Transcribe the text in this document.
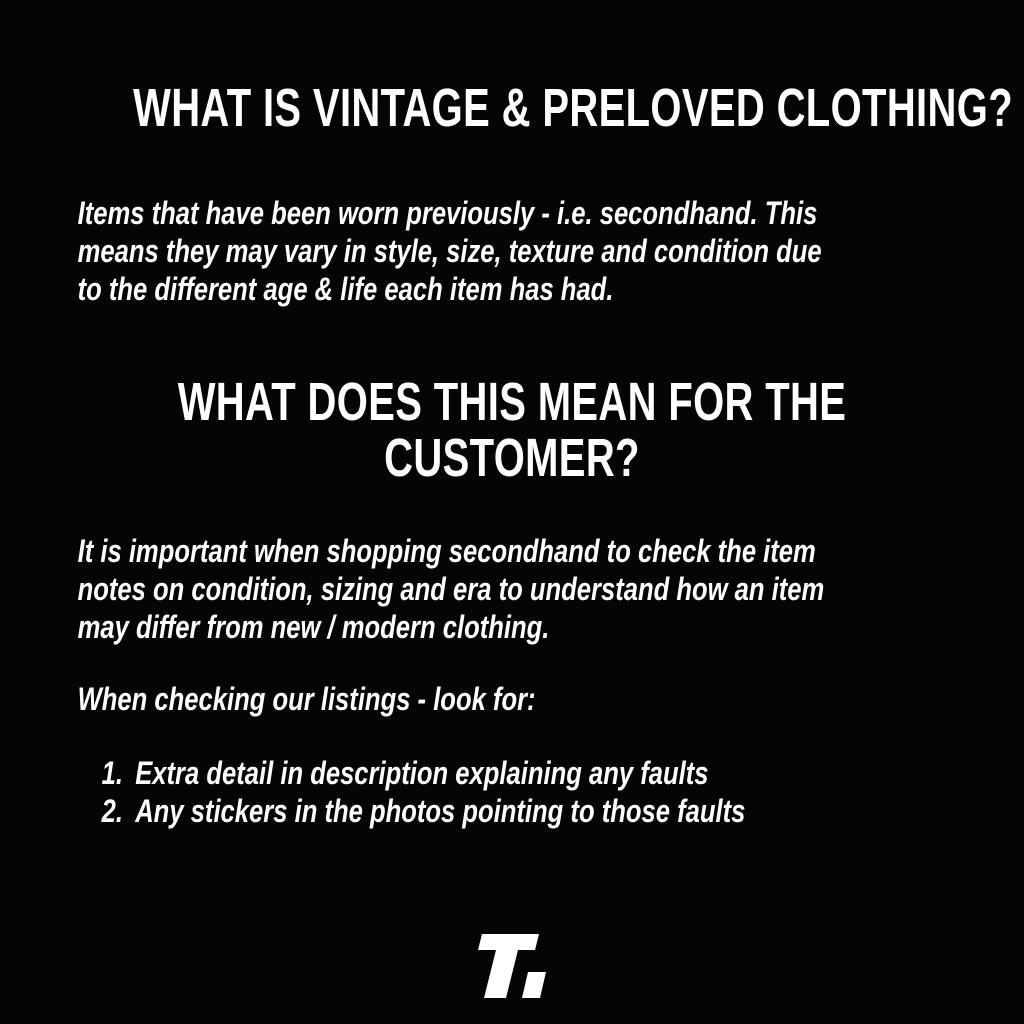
WHAT IS VINTAGE & PRELOVED CLOTHING?
Items that have been worn previously - i.e. secondhand. This
means they may vary in style, size, texture and condition due
to the different age & life each item has had.
WHAT DOES THIS MEAN FOR THE
CUSTOMER?
It is important when shopping secondhand to check the item
notes on condition, sizing and era to understand how an item
may differ from new / modern clothing.
When checking our listings - look for:
1. Extra detail in description explaining any faults
2. Any stickers in the photos pointing to those faults
